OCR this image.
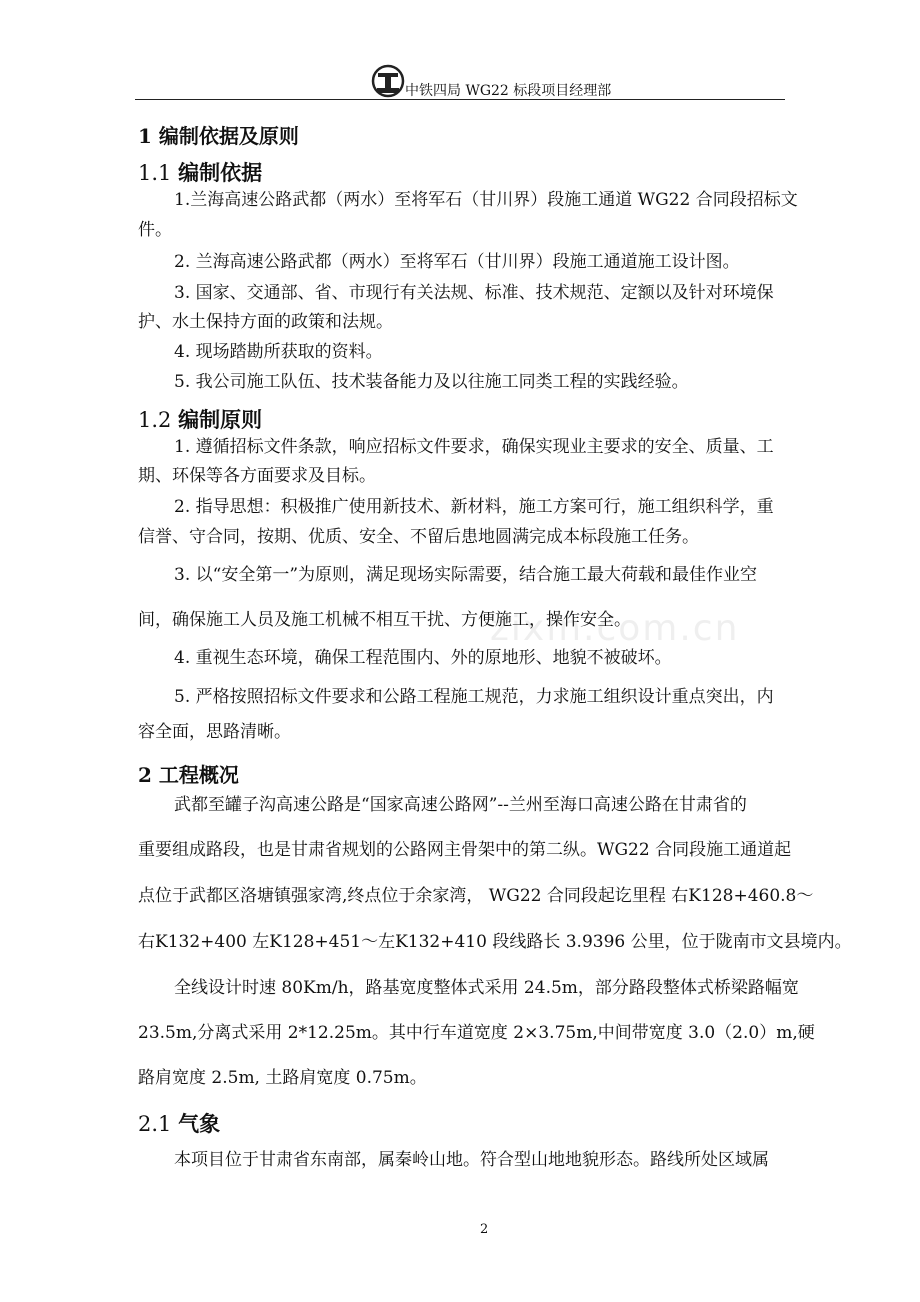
中铁四局 WG22 标段项目经理部
zixin.com.cn
1 编制依据及原则
1.1 编制依据
1.兰海高速公路武都（两水）至将军石（甘川界）段施工通道 WG22 合同段招标文
件。
2. 兰海高速公路武都（两水）至将军石（甘川界）段施工通道施工设计图。
3. 国家、交通部、省、市现行有关法规、标准、技术规范、定额以及针对环境保
护、水土保持方面的政策和法规。
4. 现场踏勘所获取的资料。
5. 我公司施工队伍、技术装备能力及以往施工同类工程的实践经验。
1.2 编制原则
1. 遵循招标文件条款，响应招标文件要求，确保实现业主要求的安全、质量、工
期、环保等各方面要求及目标。
2. 指导思想：积极推广使用新技术、新材料，施工方案可行，施工组织科学，重
信誉、守合同，按期、优质、安全、不留后患地圆满完成本标段施工任务。
3. 以“安全第一”为原则，满足现场实际需要，结合施工最大荷载和最佳作业空
间，确保施工人员及施工机械不相互干扰、方便施工，操作安全。
4. 重视生态环境，确保工程范围内、外的原地形、地貌不被破坏。
5. 严格按照招标文件要求和公路工程施工规范，力求施工组织设计重点突出，内
容全面，思路清晰。
2 工程概况
武都至罐子沟高速公路是“国家高速公路网”--兰州至海口高速公路在甘肃省的
重要组成路段，也是甘肃省规划的公路网主骨架中的第二纵。WG22 合同段施工通道起
点位于武都区洛塘镇强家湾,终点位于余家湾， WG22 合同段起讫里程 右K128+460.8～
右K132+400 左K128+451～左K132+410 段线路长 3.9396 公里，位于陇南市文县境内。
全线设计时速 80Km/h，路基宽度整体式采用 24.5m，部分路段整体式桥梁路幅宽
23.5m,分离式采用 2*12.25m。其中行车道宽度 2×3.75m,中间带宽度 3.0（2.0）m,硬
路肩宽度 2.5m, 土路肩宽度 0.75m。
2.1 气象
本项目位于甘肃省东南部，属秦岭山地。符合型山地地貌形态。路线所处区域属
2
